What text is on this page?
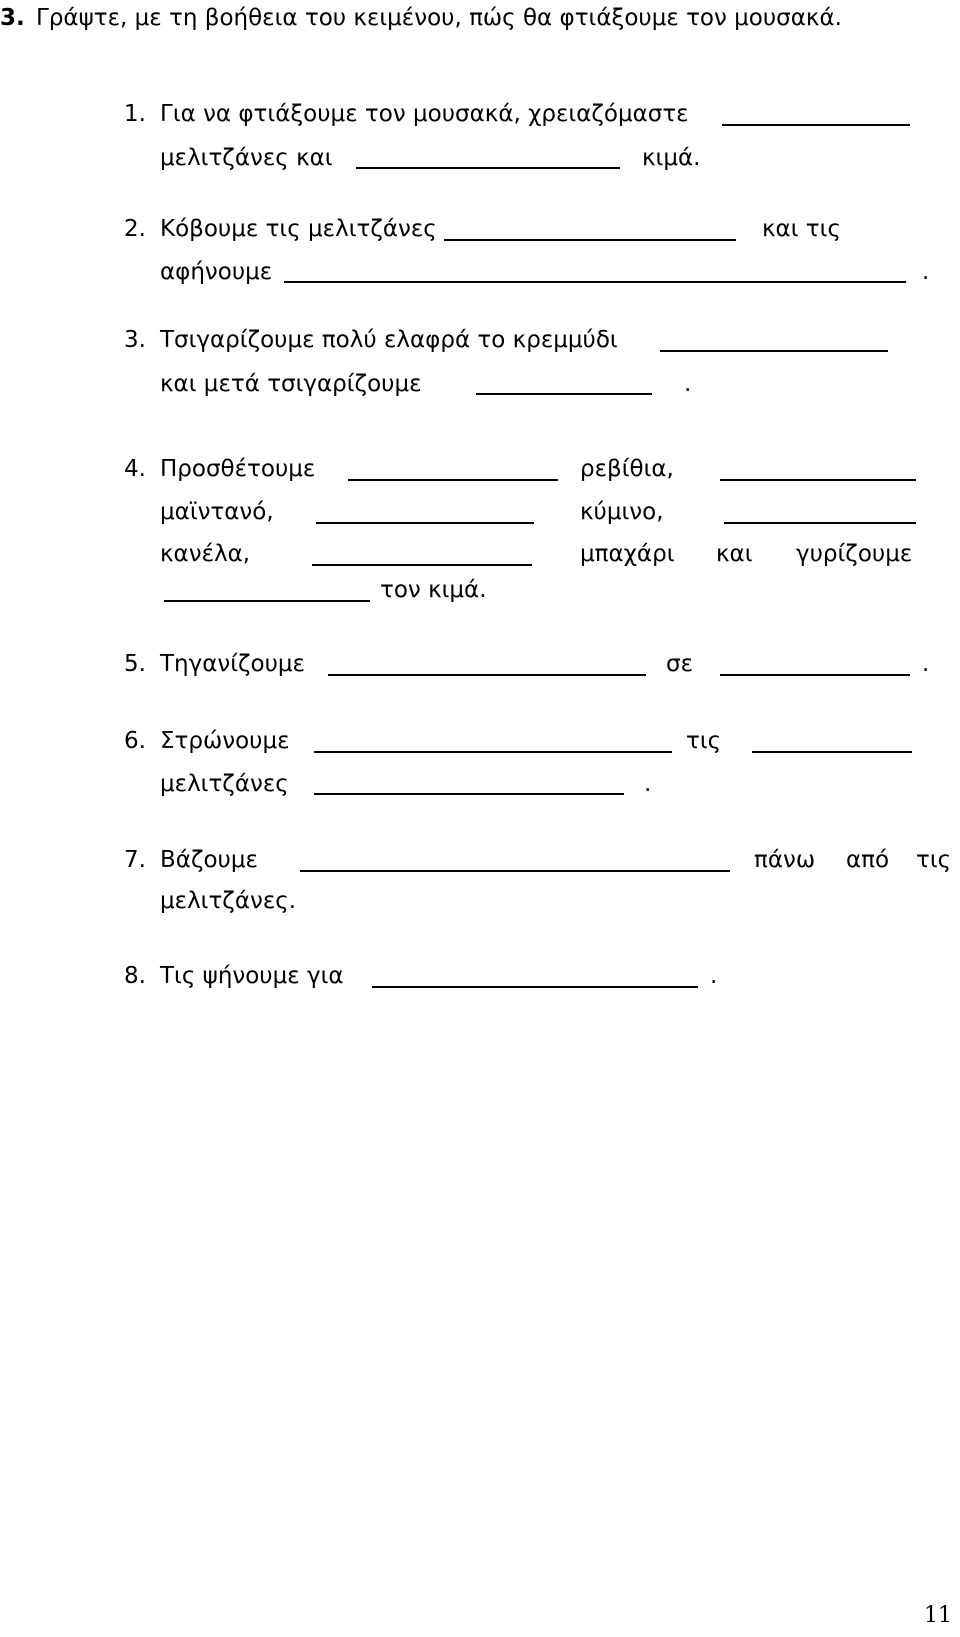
3. Γράψτε, με τη βοήθεια του κειμένου, πώς θα φτιάξουμε τον μουσακά.
1. Για να φτιάξουμε τον μουσακά, χρειαζόμαστε
μελιτζάνες και	κιμά.
2. Κόβουμε τις μελιτζάνες	και τις
αφήνουμε	.
3. Τσιγαρίζουμε πολύ ελαφρά το κρεμμύδι
και μετά τσιγαρίζουμε	.
4. Προσθέτουμε	ρεβίθια,
μαϊντανό,	κύμινο,
κανέλα,	μπαχάρι και γυρίζουμε
τον κιμά.
5. Τηγανίζουμε	σε	.
6. Στρώνουμε	τις
μελιτζάνες	.
7. Βάζουμε	πάνω από τις
μελιτζάνες.
8. Τις ψήνουμε για	.
11
